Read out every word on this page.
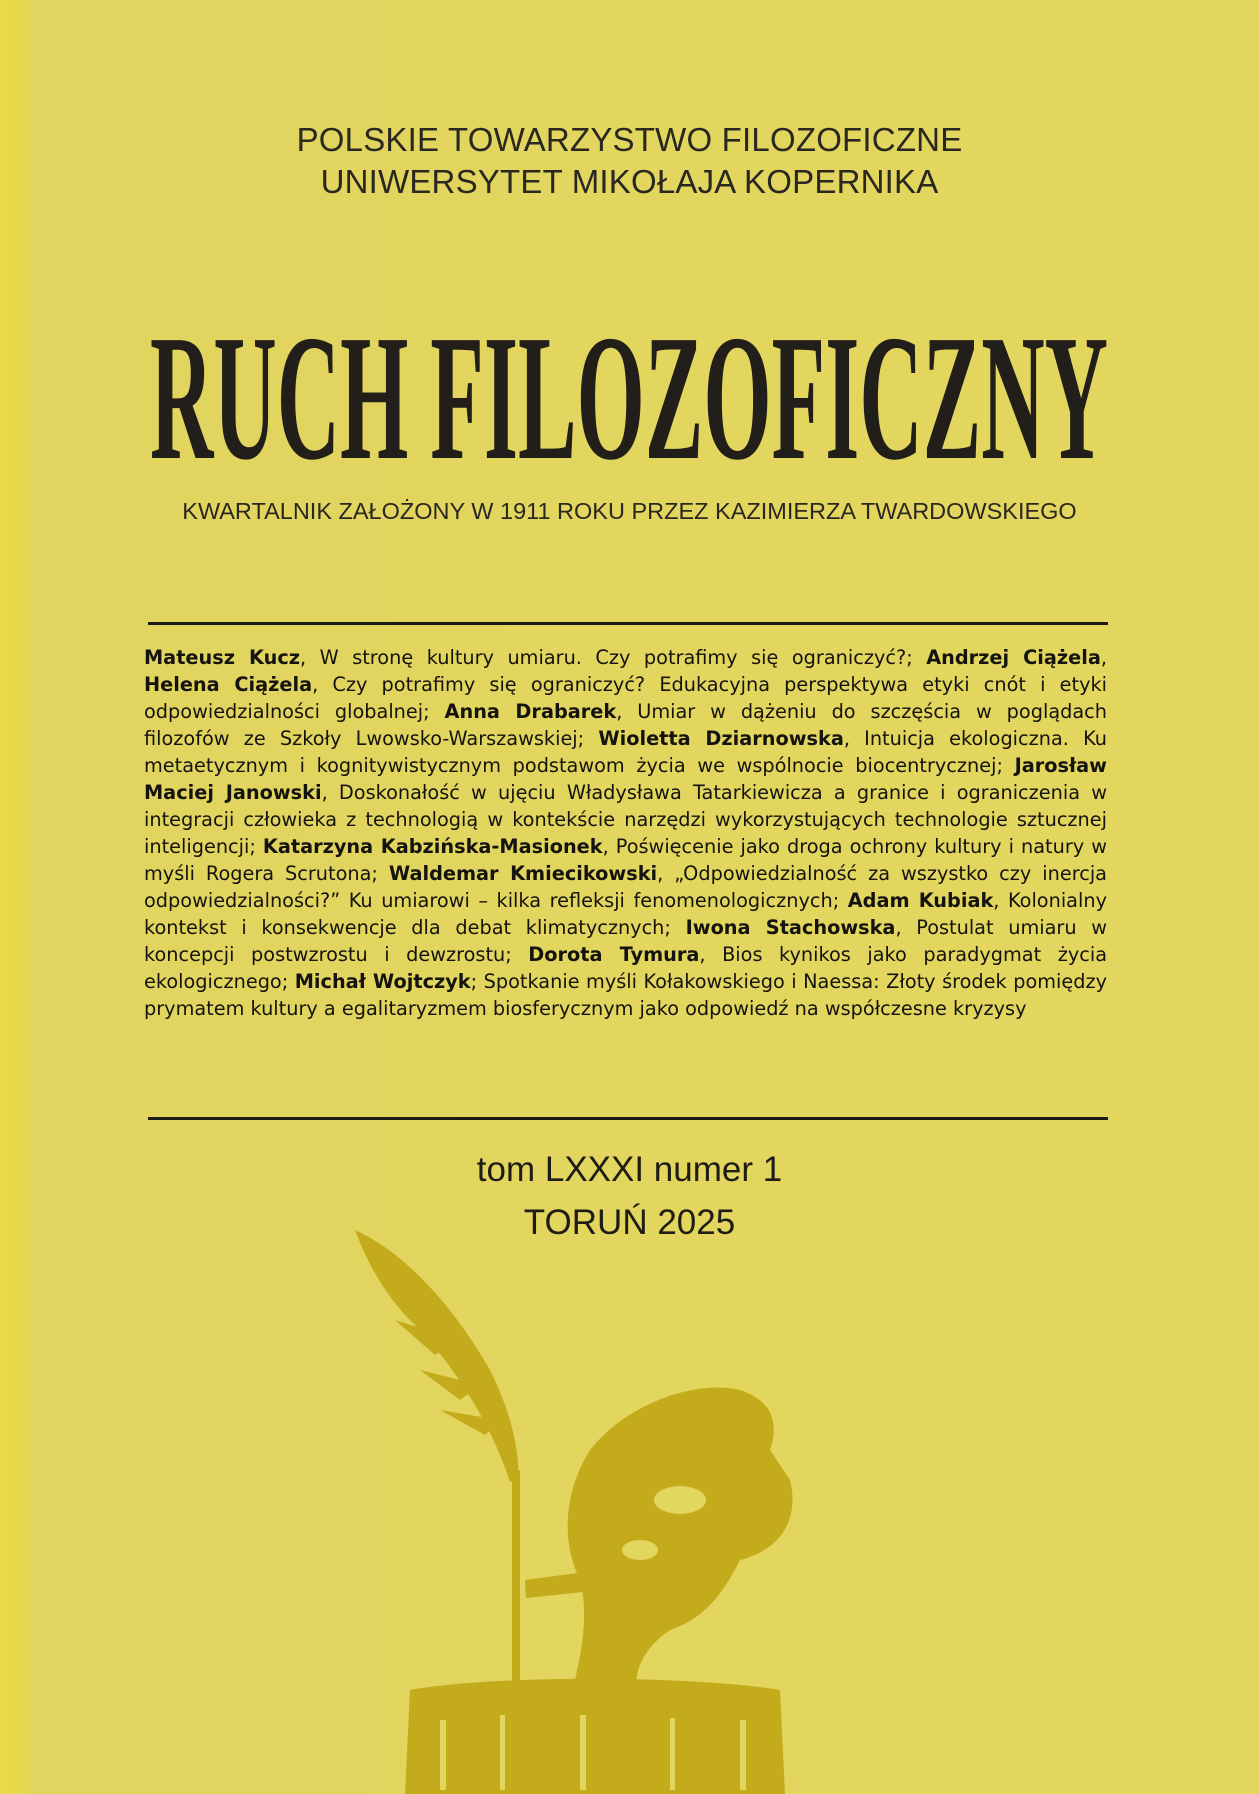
POLSKIE TOWARZYSTWO FILOZOFICZNE
UNIWERSYTET MIKOŁAJA KOPERNIKA
RUCH FILOZOFICZNY
KWARTALNIK ZAŁOŻONY W 1911 ROKU PRZEZ KAZIMIERZA TWARDOWSKIEGO
Mateusz Kucz, W stronę kultury umiaru. Czy potrafimy się ograniczyć?; Andrzej Ciążela, Helena Ciążela, Czy potrafimy się ograniczyć? Edukacyjna perspektywa etyki cnót i etyki odpowiedzialności globalnej; Anna Drabarek, Umiar w dążeniu do szczęścia w poglądach filozofów ze Szkoły Lwowsko-Warszawskiej; Wioletta Dziarnowska, Intuicja ekologiczna. Ku metaetycznym i kognitywistycznym podstawom życia we wspólnocie biocentrycznej; Jarosław Maciej Janowski, Doskonałość w ujęciu Władysława Tatarkiewicza a granice i ograniczenia w integracji człowieka z technologią w kontekście narzędzi wykorzystujących technologie sztucznej inteligencji; Katarzyna Kabzińska-Masionek, Poświęcenie jako droga ochrony kultury i natury w myśli Rogera Scrutona; Waldemar Kmiecikowski, „Odpowiedzialność za wszystko czy inercja odpowiedzialności?” Ku umiarowi – kilka refleksji fenomenologicznych; Adam Kubiak, Kolonialny kontekst i konsekwencje dla debat klimatycznych; Iwona Stachowska, Postulat umiaru w koncepcji postwzrostu i dewzrostu; Dorota Tymura, Bios kynikos jako paradygmat życia ekologicznego; Michał Wojtczyk; Spotkanie myśli Kołakowskiego i Naessa: Złoty środek pomiędzy prymatem kultury a egalitaryzmem biosferycznym jako odpowiedź na współczesne kryzysy
tom LXXXI numer 1
TORUŃ 2025
